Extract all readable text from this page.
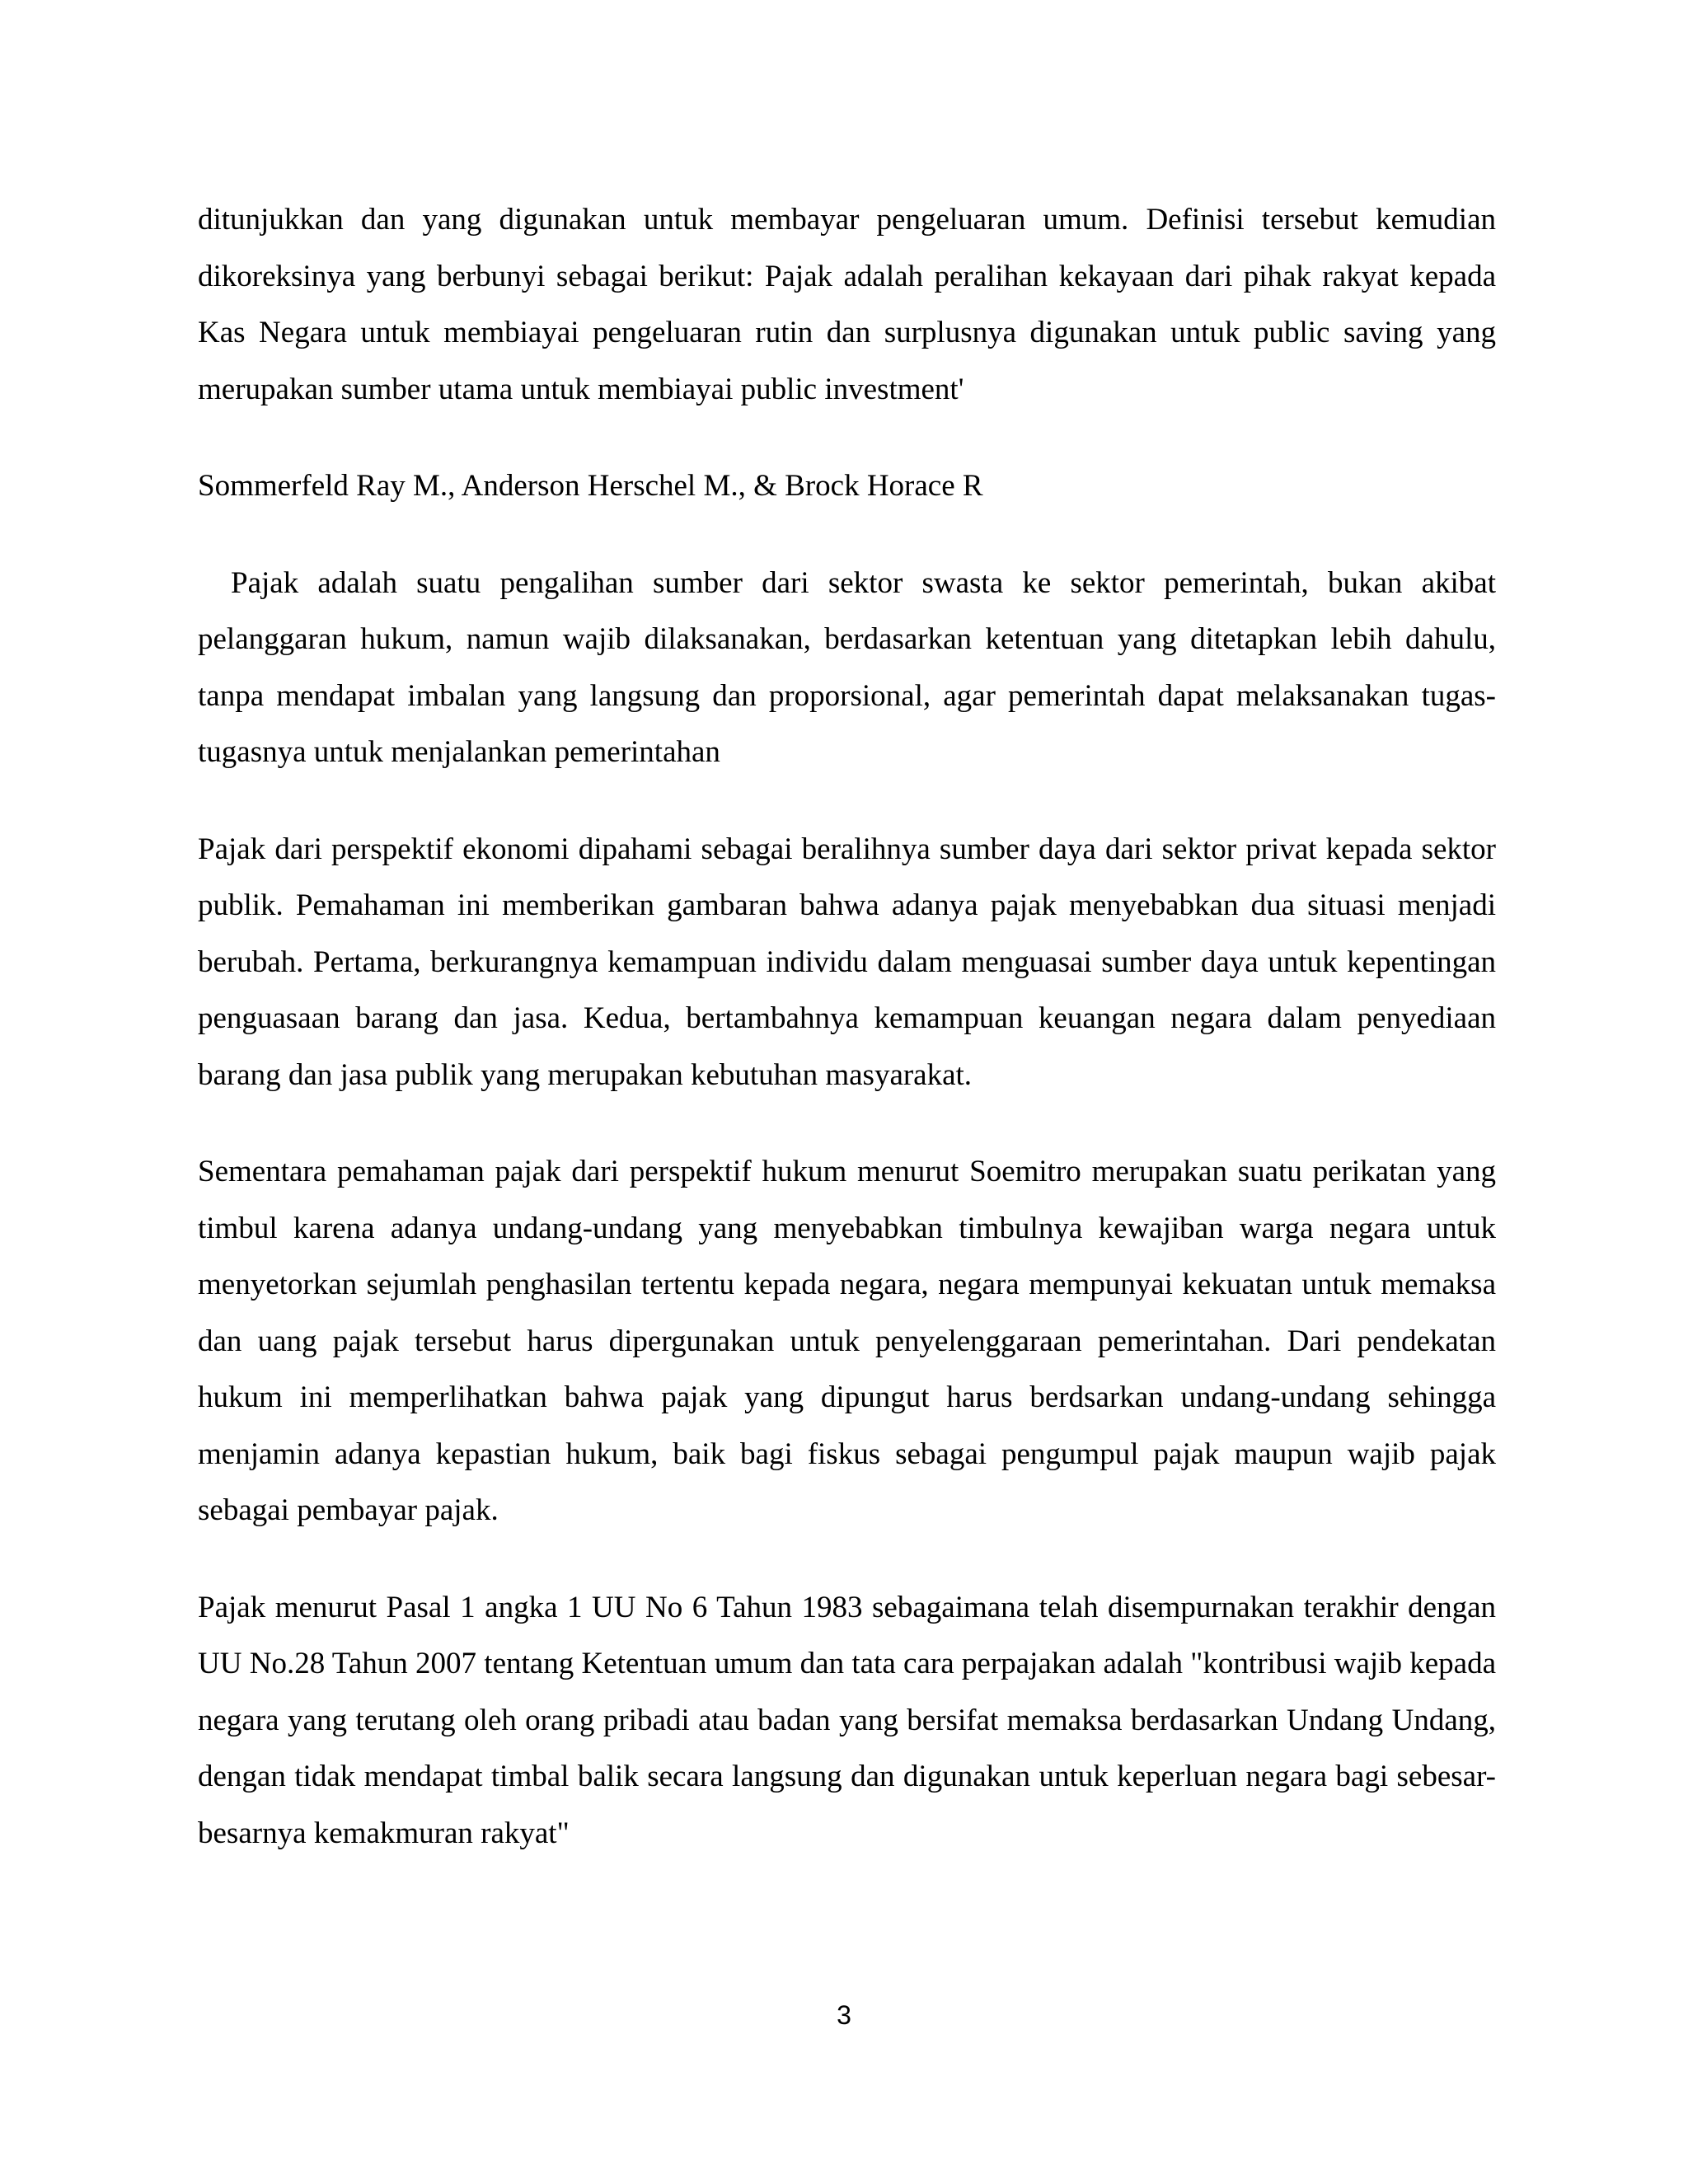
ditunjukkan dan yang digunakan untuk membayar pengeluaran umum. Definisi tersebut kemudian dikoreksinya yang berbunyi sebagai berikut: Pajak adalah peralihan kekayaan dari pihak rakyat kepada Kas Negara untuk membiayai pengeluaran rutin dan surplusnya digunakan untuk public saving yang merupakan sumber utama untuk membiayai public investment'

Sommerfeld Ray M., Anderson Herschel M., & Brock Horace R

Pajak adalah suatu pengalihan sumber dari sektor swasta ke sektor pemerintah, bukan akibat pelanggaran hukum, namun wajib dilaksanakan, berdasarkan ketentuan yang ditetapkan lebih dahulu, tanpa mendapat imbalan yang langsung dan proporsional, agar pemerintah dapat melaksanakan tugas-tugasnya untuk menjalankan pemerintahan

Pajak dari perspektif ekonomi dipahami sebagai beralihnya sumber daya dari sektor privat kepada sektor publik. Pemahaman ini memberikan gambaran bahwa adanya pajak menyebabkan dua situasi menjadi berubah. Pertama, berkurangnya kemampuan individu dalam menguasai sumber daya untuk kepentingan penguasaan barang dan jasa. Kedua, bertambahnya kemampuan keuangan negara dalam penyediaan barang dan jasa publik yang merupakan kebutuhan masyarakat.

Sementara pemahaman pajak dari perspektif hukum menurut Soemitro merupakan suatu perikatan yang timbul karena adanya undang-undang yang menyebabkan timbulnya kewajiban warga negara untuk menyetorkan sejumlah penghasilan tertentu kepada negara, negara mempunyai kekuatan untuk memaksa dan uang pajak tersebut harus dipergunakan untuk penyelenggaraan pemerintahan. Dari pendekatan hukum ini memperlihatkan bahwa pajak yang dipungut harus berdsarkan undang-undang sehingga menjamin adanya kepastian hukum, baik bagi fiskus sebagai pengumpul pajak maupun wajib pajak sebagai pembayar pajak.

Pajak menurut Pasal 1 angka 1 UU No 6 Tahun 1983 sebagaimana telah disempurnakan terakhir dengan UU No.28 Tahun 2007 tentang Ketentuan umum dan tata cara perpajakan adalah "kontribusi wajib kepada negara yang terutang oleh orang pribadi atau badan yang bersifat memaksa berdasarkan Undang Undang, dengan tidak mendapat timbal balik secara langsung dan digunakan untuk keperluan negara bagi sebesar-besarnya kemakmuran rakyat"

3
